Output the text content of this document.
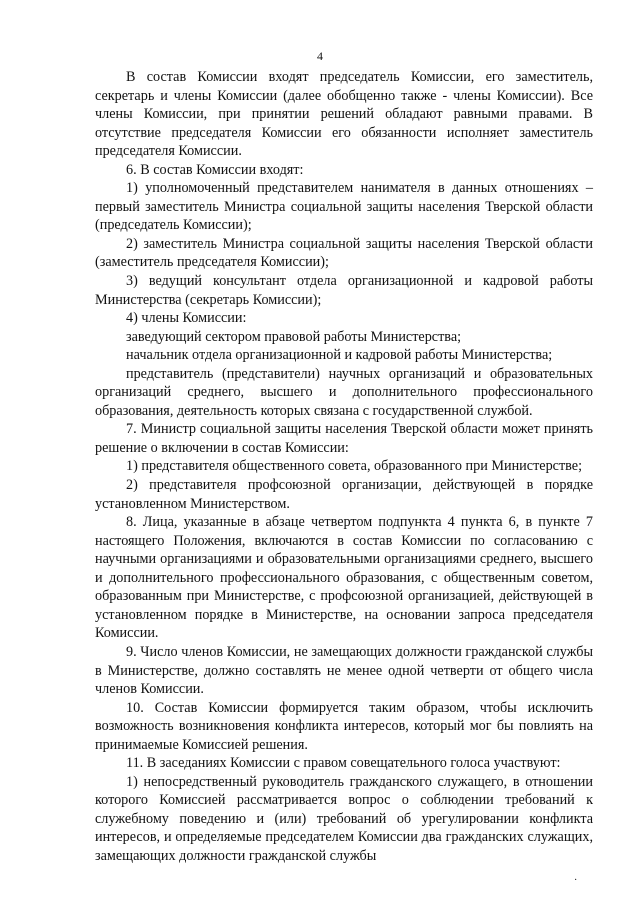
4

В состав Комиссии входят председатель Комиссии, его заместитель, секретарь и члены Комиссии (далее обобщенно также - члены Комиссии). Все члены Комиссии, при принятии решений обладают равными правами. В отсутствие председателя Комиссии его обязанности исполняет заместитель председателя Комиссии.

6. В состав Комиссии входят:

1) уполномоченный представителем нанимателя в данных отношениях – первый заместитель Министра социальной защиты населения Тверской области (председатель Комиссии);

2) заместитель Министра социальной защиты населения Тверской области (заместитель председателя Комиссии);

3) ведущий консультант отдела организационной и кадровой работы Министерства (секретарь Комиссии);

4) члены Комиссии:

заведующий сектором правовой работы Министерства;

начальник отдела организационной и кадровой работы Министерства;

представитель (представители) научных организаций и образовательных организаций среднего, высшего и дополнительного профессионального образования, деятельность которых связана с государственной службой.

7. Министр социальной защиты населения Тверской области может принять решение о включении в состав Комиссии:

1) представителя общественного совета, образованного при Министерстве;

2) представителя профсоюзной организации, действующей в порядке установленном Министерством.

8. Лица, указанные в абзаце четвертом подпункта 4 пункта 6, в пункте 7 настоящего Положения, включаются в состав Комиссии по согласованию с научными организациями и образовательными организациями среднего, высшего и дополнительного профессионального образования, с общественным советом, образованным при Министерстве, с профсоюзной организацией, действующей в установленном порядке в Министерстве, на основании запроса председателя Комиссии.

9. Число членов Комиссии, не замещающих должности гражданской службы в Министерстве, должно составлять не менее одной четверти от общего числа членов Комиссии.

10. Состав Комиссии формируется таким образом, чтобы исключить возможность возникновения конфликта интересов, который мог бы повлиять на принимаемые Комиссией решения.

11. В заседаниях Комиссии с правом совещательного голоса участвуют:

1) непосредственный руководитель гражданского служащего, в отношении которого Комиссией рассматривается вопрос о соблюдении требований к служебному поведению и (или) требований об урегулировании конфликта интересов, и определяемые председателем Комиссии два гражданских служащих, замещающих должности гражданской службы

·
